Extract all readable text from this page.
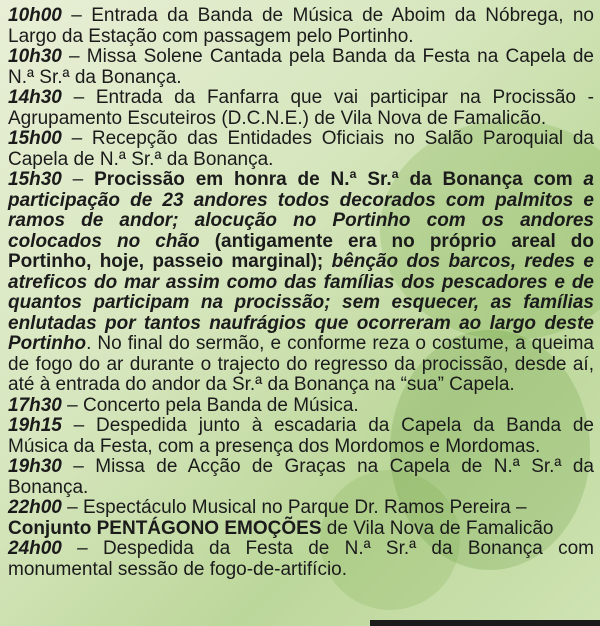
10h00 – Entrada da Banda de Música de Aboim da Nóbrega, no Largo da Estação com passagem pelo Portinho.

10h30 – Missa Solene Cantada pela Banda da Festa na Capela de N.ª Sr.ª da Bonança.

14h30 – Entrada da Fanfarra que vai participar na Procissão - Agrupamento Escuteiros (D.C.N.E.) de Vila Nova de Famalicão.

15h00 – Recepção das Entidades Oficiais no Salão Paroquial da Capela de N.ª Sr.ª da Bonança.

15h30 – Procissão em honra de N.ª Sr.ª da Bonança com a participação de 23 andores todos decorados com palmitos e ramos de andor; alocução no Portinho com os andores colocados no chão (antigamente era no próprio areal do Portinho, hoje, passeio marginal); bênção dos barcos, redes e atreficos do mar assim como das famílias dos pescadores e de quantos participam na procissão; sem esquecer, as famílias enlutadas por tantos naufrágios que ocorreram ao largo deste Portinho. No final do sermão, e conforme reza o costume, a queima de fogo do ar durante o trajecto do regresso da procissão, desde aí, até à entrada do andor da Sr.ª da Bonança na “sua” Capela.

17h30 – Concerto pela Banda de Música.

19h15 – Despedida junto à escadaria da Capela da Banda de Música da Festa, com a presença dos Mordomos e Mordomas.

19h30 – Missa de Acção de Graças na Capela de N.ª Sr.ª da Bonança.

22h00 – Espectáculo Musical no Parque Dr. Ramos Pereira –

Conjunto PENTÁGONO EMOÇÕES de Vila Nova de Famalicão

24h00 – Despedida da Festa de N.ª Sr.ª da Bonança com monumental sessão de fogo-de-artifício.
